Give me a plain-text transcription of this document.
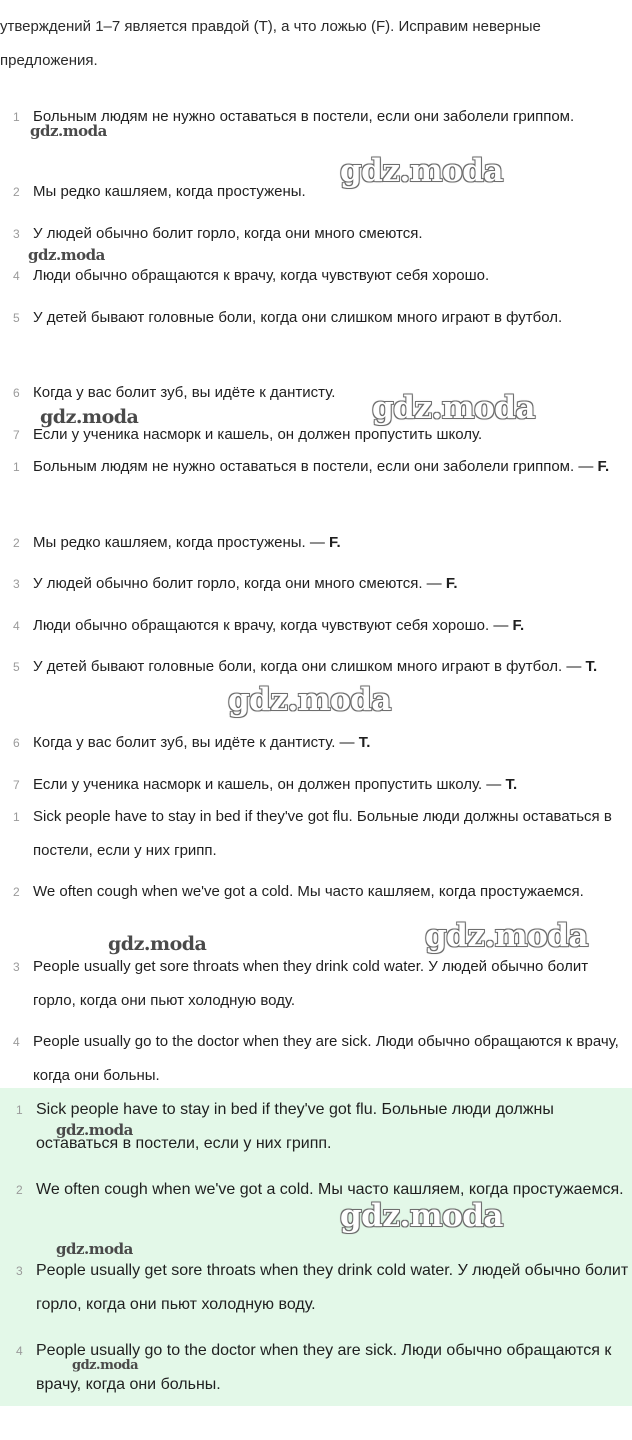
утверждений 1–7 является правдой (T), а что ложью (F). Исправим неверные предложения.
1 Больным людям не нужно оставаться в постели, если они заболели гриппом.
2 Мы редко кашляем, когда простужены.
3 У людей обычно болит горло, когда они много смеются.
4 Люди обычно обращаются к врачу, когда чувствуют себя хорошо.
5 У детей бывают головные боли, когда они слишком много играют в футбол.
6 Когда у вас болит зуб, вы идёте к дантисту.
7 Если у ученика насморк и кашель, он должен пропустить школу.
1 Больным людям не нужно оставаться в постели, если они заболели гриппом. — F.
2 Мы редко кашляем, когда простужены. — F.
3 У людей обычно болит горло, когда они много смеются. — F.
4 Люди обычно обращаются к врачу, когда чувствуют себя хорошо. — F.
5 У детей бывают головные боли, когда они слишком много играют в футбол. — T.
6 Когда у вас болит зуб, вы идёте к дантисту. — T.
7 Если у ученика насморк и кашель, он должен пропустить школу. — T.
1 Sick people have to stay in bed if they've got flu. Больные люди должны оставаться в постели, если у них грипп.
2 We often cough when we've got a cold. Мы часто кашляем, когда простужаемся.
3 People usually get sore throats when they drink cold water. У людей обычно болит горло, когда они пьют холодную воду.
4 People usually go to the doctor when they are sick. Люди обычно обращаются к врачу, когда они больны.
1 Sick people have to stay in bed if they've got flu. Больные люди должны оставаться в постели, если у них грипп.
2 We often cough when we've got a cold. Мы часто кашляем, когда простужаемся.
3 People usually get sore throats when they drink cold water. У людей обычно болит горло, когда они пьют холодную воду.
4 People usually go to the doctor when they are sick. Люди обычно обращаются к врачу, когда они больны.
gdz.moda
gdz.moda
gdz.moda
gdz.moda
gdz.moda
gdz.moda
gdz.moda	gdz.moda
gdz.moda
gdz.moda
gdz.moda
gdz.moda
